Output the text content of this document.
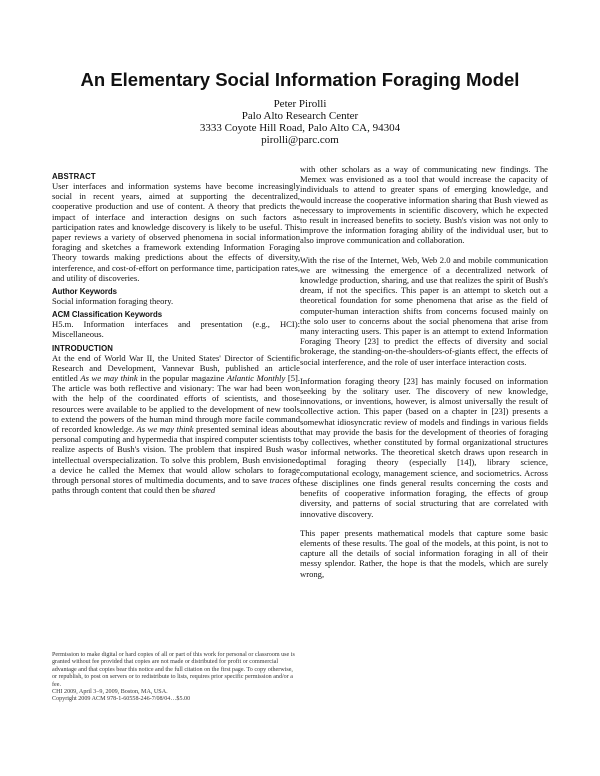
An Elementary Social Information Foraging Model
Peter Pirolli
Palo Alto Research Center
3333 Coyote Hill Road, Palo Alto CA, 94304
pirolli@parc.com
ABSTRACT

User interfaces and information systems have become increasingly social in recent years, aimed at supporting the decentralized, cooperative production and use of content. A theory that predicts the impact of interface and interaction designs on such factors as participation rates and knowledge discovery is likely to be useful. This paper reviews a variety of observed phenomena in social information foraging and sketches a framework extending Information Foraging Theory towards making predictions about the effects of diversity, interference, and cost-of-effort on performance time, participation rates, and utility of discoveries.

Author Keywords

Social information foraging theory.

ACM Classification Keywords

H5.m. Information interfaces and presentation (e.g., HCI): Miscellaneous.

INTRODUCTION

At the end of World War II, the United States' Director of Scientific Research and Development, Vannevar Bush, published an article entitled As we may think in the popular magazine Atlantic Monthly [5]. The article was both reflective and visionary: The war had been won with the help of the coordinated efforts of scientists, and those resources were available to be applied to the development of new tools to extend the powers of the human mind through more facile command of recorded knowledge. As we may think presented seminal ideas about personal computing and hypermedia that inspired computer scientists to realize aspects of Bush's vision. The problem that inspired Bush was intellectual overspecialization. To solve this problem, Bush envisioned a device he called the Memex that would allow scholars to forage through personal stores of multimedia documents, and to save traces of paths through content that could then be shared

Permission to make digital or hard copies of all or part of this work for personal or classroom use is granted without fee provided that copies are not made or distributed for profit or commercial advantage and that copies bear this notice and the full citation on the first page. To copy otherwise, or republish, to post on servers or to redistribute to lists, requires prior specific permission and/or a fee.

CHI 2009, April 3–9, 2009, Boston, MA, USA.

Copyright 2009 ACM 978-1-60558-246-7/08/04…$5.00

with other scholars as a way of communicating new findings. The Memex was envisioned as a tool that would increase the capacity of individuals to attend to greater spans of emerging knowledge, and would increase the cooperative information sharing that Bush viewed as necessary to improvements in scientific discovery, which he expected to result in increased benefits to society. Bush's vision was not only to improve the information foraging ability of the individual user, but to also improve communication and collaboration.

With the rise of the Internet, Web, Web 2.0 and mobile communication we are witnessing the emergence of a decentralized network of knowledge production, sharing, and use that realizes the spirit of Bush's dream, if not the specifics. This paper is an attempt to sketch out a theoretical foundation for some phenomena that arise as the field of computer-human interaction shifts from concerns focused mainly on the solo user to concerns about the social phenomena that arise from many interacting users. This paper is an attempt to extend Information Foraging Theory [23] to predict the effects of diversity and social brokerage, the standing-on-the-shoulders-of-giants effect, the effects of social interference, and the role of user interface interaction costs.

Information foraging theory [23] has mainly focused on information seeking by the solitary user. The discovery of new knowledge, innovations, or inventions, however, is almost universally the result of collective action. This paper (based on a chapter in [23]) presents a somewhat idiosyncratic review of models and findings in various fields that may provide the basis for the development of theories of foraging by collectives, whether constituted by formal organizational structures or informal networks. The theoretical sketch draws upon research in optimal foraging theory (especially [14]), library science, computational ecology, management science, and sociometrics. Across these disciplines one finds general results concerning the costs and benefits of cooperative information foraging, the effects of group diversity, and patterns of social structuring that are correlated with innovative discovery.

This paper presents mathematical models that capture some basic elements of these results. The goal of the models, at this point, is not to capture all the details of social information foraging in all of their messy splendor. Rather, the hope is that the models, which are surely wrong,
